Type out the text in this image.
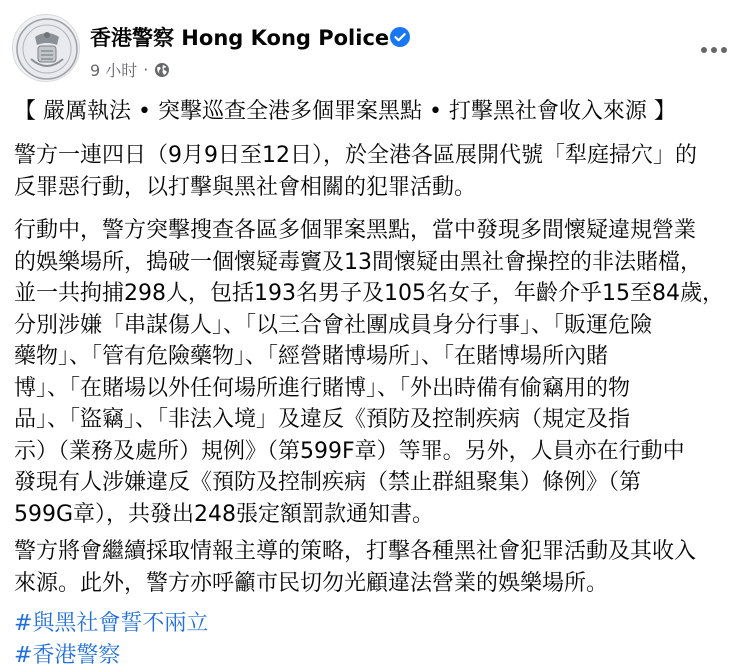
香港警察 Hong Kong Police
9 小时 ·
【 嚴厲執法 • 突擊巡查全港多個罪案黑點 • 打擊黑社會收入來源 】
警方一連四日（9月9日至12日），於全港各區展開代號「犁庭掃穴」的
反罪惡行動，以打擊與黑社會相關的犯罪活動。
行動中，警方突擊搜查各區多個罪案黑點，當中發現多間懷疑違規營業
的娛樂場所，搗破一個懷疑毒竇及13間懷疑由黑社會操控的非法賭檔，
並一共拘捕298人，包括193名男子及105名女子，年齡介乎15至84歲，
分別涉嫌「串謀傷人」、「以三合會社團成員身分行事」、「販運危險
藥物」、「管有危險藥物」、「經營賭博場所」、「在賭博場所內賭
博」、「在賭場以外任何場所進行賭博」、「外出時備有偷竊用的物
品」、「盜竊」、「非法入境」及違反《預防及控制疾病（規定及指
示）（業務及處所）規例》（第599F章）等罪。另外，人員亦在行動中
發現有人涉嫌違反《預防及控制疾病（禁止群組聚集）條例》（第
599G章），共發出248張定額罰款通知書。
警方將會繼續採取情報主導的策略，打擊各種黑社會犯罪活動及其收入
來源。此外，警方亦呼籲市民切勿光顧違法營業的娛樂場所。
#與黑社會誓不兩立
#香港警察
